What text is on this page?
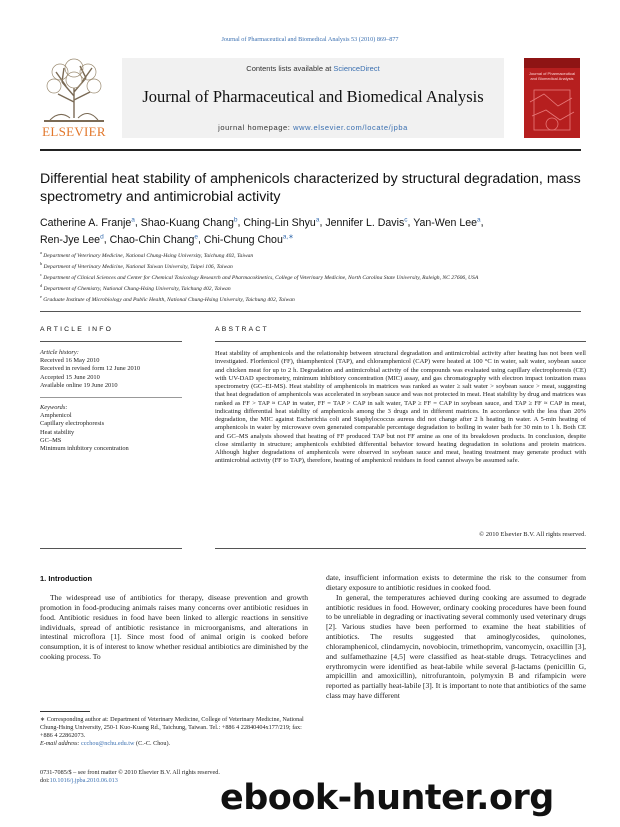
Journal of Pharmaceutical and Biomedical Analysis 53 (2010) 869–877
ELSEVIER
Contents lists available at ScienceDirect
Journal of Pharmaceutical and Biomedical Analysis
journal homepage: www.elsevier.com/locate/jpba
Journal of Pharmaceutical and Biomedical Analysis
Differential heat stability of amphenicols characterized by structural degradation, mass spectrometry and antimicrobial activity
Catherine A. Franje$^a$, Shao-Kuang Chang$^b$, Ching-Lin Shyu$^a$, Jennifer L. Davis$^c$, Yan-Wen Lee$^a$,
Ren-Jye Lee$^d$, Chao-Chin Chang$^e$, Chi-Chung Chou$^{a,∗}$
$^a$ Department of Veterinary Medicine, National Chung-Hsing University, Taichung 402, Taiwan
$^b$ Department of Veterinary Medicine, National Taiwan University, Taipei 106, Taiwan
$^c$ Department of Clinical Sciences and Center for Chemical Toxicology Research and Pharmacokinetics, College of Veterinary Medicine, North Carolina State University, Raleigh, NC 27606, USA
$^d$ Department of Chemistry, National Chung-Hsing University, Taichung 402, Taiwan
$^e$ Graduate Institute of Microbiology and Public Health, National Chung-Hsing University, Taichung 402, Taiwan
ARTICLE INFO	ABSTRACT
Article history:
Received 16 May 2010
Received in revised form 12 June 2010
Accepted 15 June 2010
Available online 19 June 2010
Keywords:
Amphenicol
Capillary electrophoresis
Heat stability
GC–MS
Minimum inhibitory concentration
Heat stability of amphenicols and the relationship between structural degradation and antimicrobial activity after heating has not been well investigated. Florfenicol (FF), thiamphenicol (TAP), and chloramphenicol (CAP) were heated at 100 °C in water, salt water, soybean sauce and chicken meat for up to 2 h. Degradation and antimicrobial activity of the compounds was evaluated using capillary electrophoresis (CE) with UV-DAD spectrometry, minimum inhibitory concentration (MIC) assay, and gas chromatography with electron impact ionization mass spectrometry (GC–EI-MS). Heat stability of amphenicols in matrices was ranked as water ≥ salt water > soybean sauce > meat, suggesting that heat degradation of amphenicols was accelerated in soybean sauce and was not protected in meat. Heat stability by drug and matrices was ranked as FF > TAP ≈ CAP in water, FF = TAP > CAP in salt water, TAP ≥ FF = CAP in soybean sauce, and TAP ≥ FF ≈ CAP in meat, indicating differential heat stability of amphenicols among the 3 drugs and in different matrices. In accordance with the less than 20% degradation, the MIC against Escherichia coli and Staphylococcus aureus did not change after 2 h heating in water. A 5-min heating of amphenicols in water by microwave oven generated comparable percentage degradation to boiling in water bath for 30 min to 1 h. Both CE and GC–MS analysis showed that heating of FF produced TAP but not FF amine as one of its breakdown products. In conclusion, despite close similarity in structure; amphenicols exhibited differential behavior toward heating degradation in solutions and protein matrices. Although higher degradations of amphenicols were observed in soybean sauce and meat, heating treatment may generate product with antimicrobial activity (FF to TAP), therefore, heating of amphenicol residues in food cannot always be assumed safe.
© 2010 Elsevier B.V. All rights reserved.
1. Introduction

The widespread use of antibiotics for therapy, disease prevention and growth promotion in food-producing animals raises many concerns over antibiotic residues in food. Antibiotic residues in food have been linked to allergic reactions in sensitive individuals, spread of antibiotic resistance in microorganisms, and alterations in intestinal microflora [1]. Since most food of animal origin is cooked before consumption, it is of interest to know whether residual antibiotics are diminished by the cooking process. To

date, insufficient information exists to determine the risk to the consumer from dietary exposure to antibiotic residues in cooked food.

In general, the temperatures achieved during cooking are assumed to degrade antibiotic residues in food. However, ordinary cooking procedures have been found to be unreliable in degrading or inactivating several commonly used veterinary drugs [2]. Various studies have been performed to examine the heat stabilities of antibiotics. The results suggested that aminoglycosides, quinolones, chloramphenicol, clindamycin, novobiocin, trimethoprim, vancomycin, oxacillin [3], and sulfamethazine [4,5] were classified as heat-stable drugs. Tetracyclines and erythromycin were identified as heat-labile while several β-lactams (penicillin G, ampicillin and amoxicillin), nitrofurantoin, polymyxin B and rifampicin were reported as partially heat-labile [3]. It is important to note that antibiotics of the same class may have different

∗ Corresponding author at: Department of Veterinary Medicine, College of Veterinary Medicine, National Chung-Hsing University, 250-1 Kuo-Kuang Rd., Taichung, Taiwan. Tel.: +886 4 22840404x177/219; fax: +886 4 22862073.
E-mail address: ccchou@nchu.edu.tw (C.-C. Chou).
0731-7085/$ – see front matter © 2010 Elsevier B.V. All rights reserved.
doi:10.1016/j.jpba.2010.06.013	ebook-hunter.org
